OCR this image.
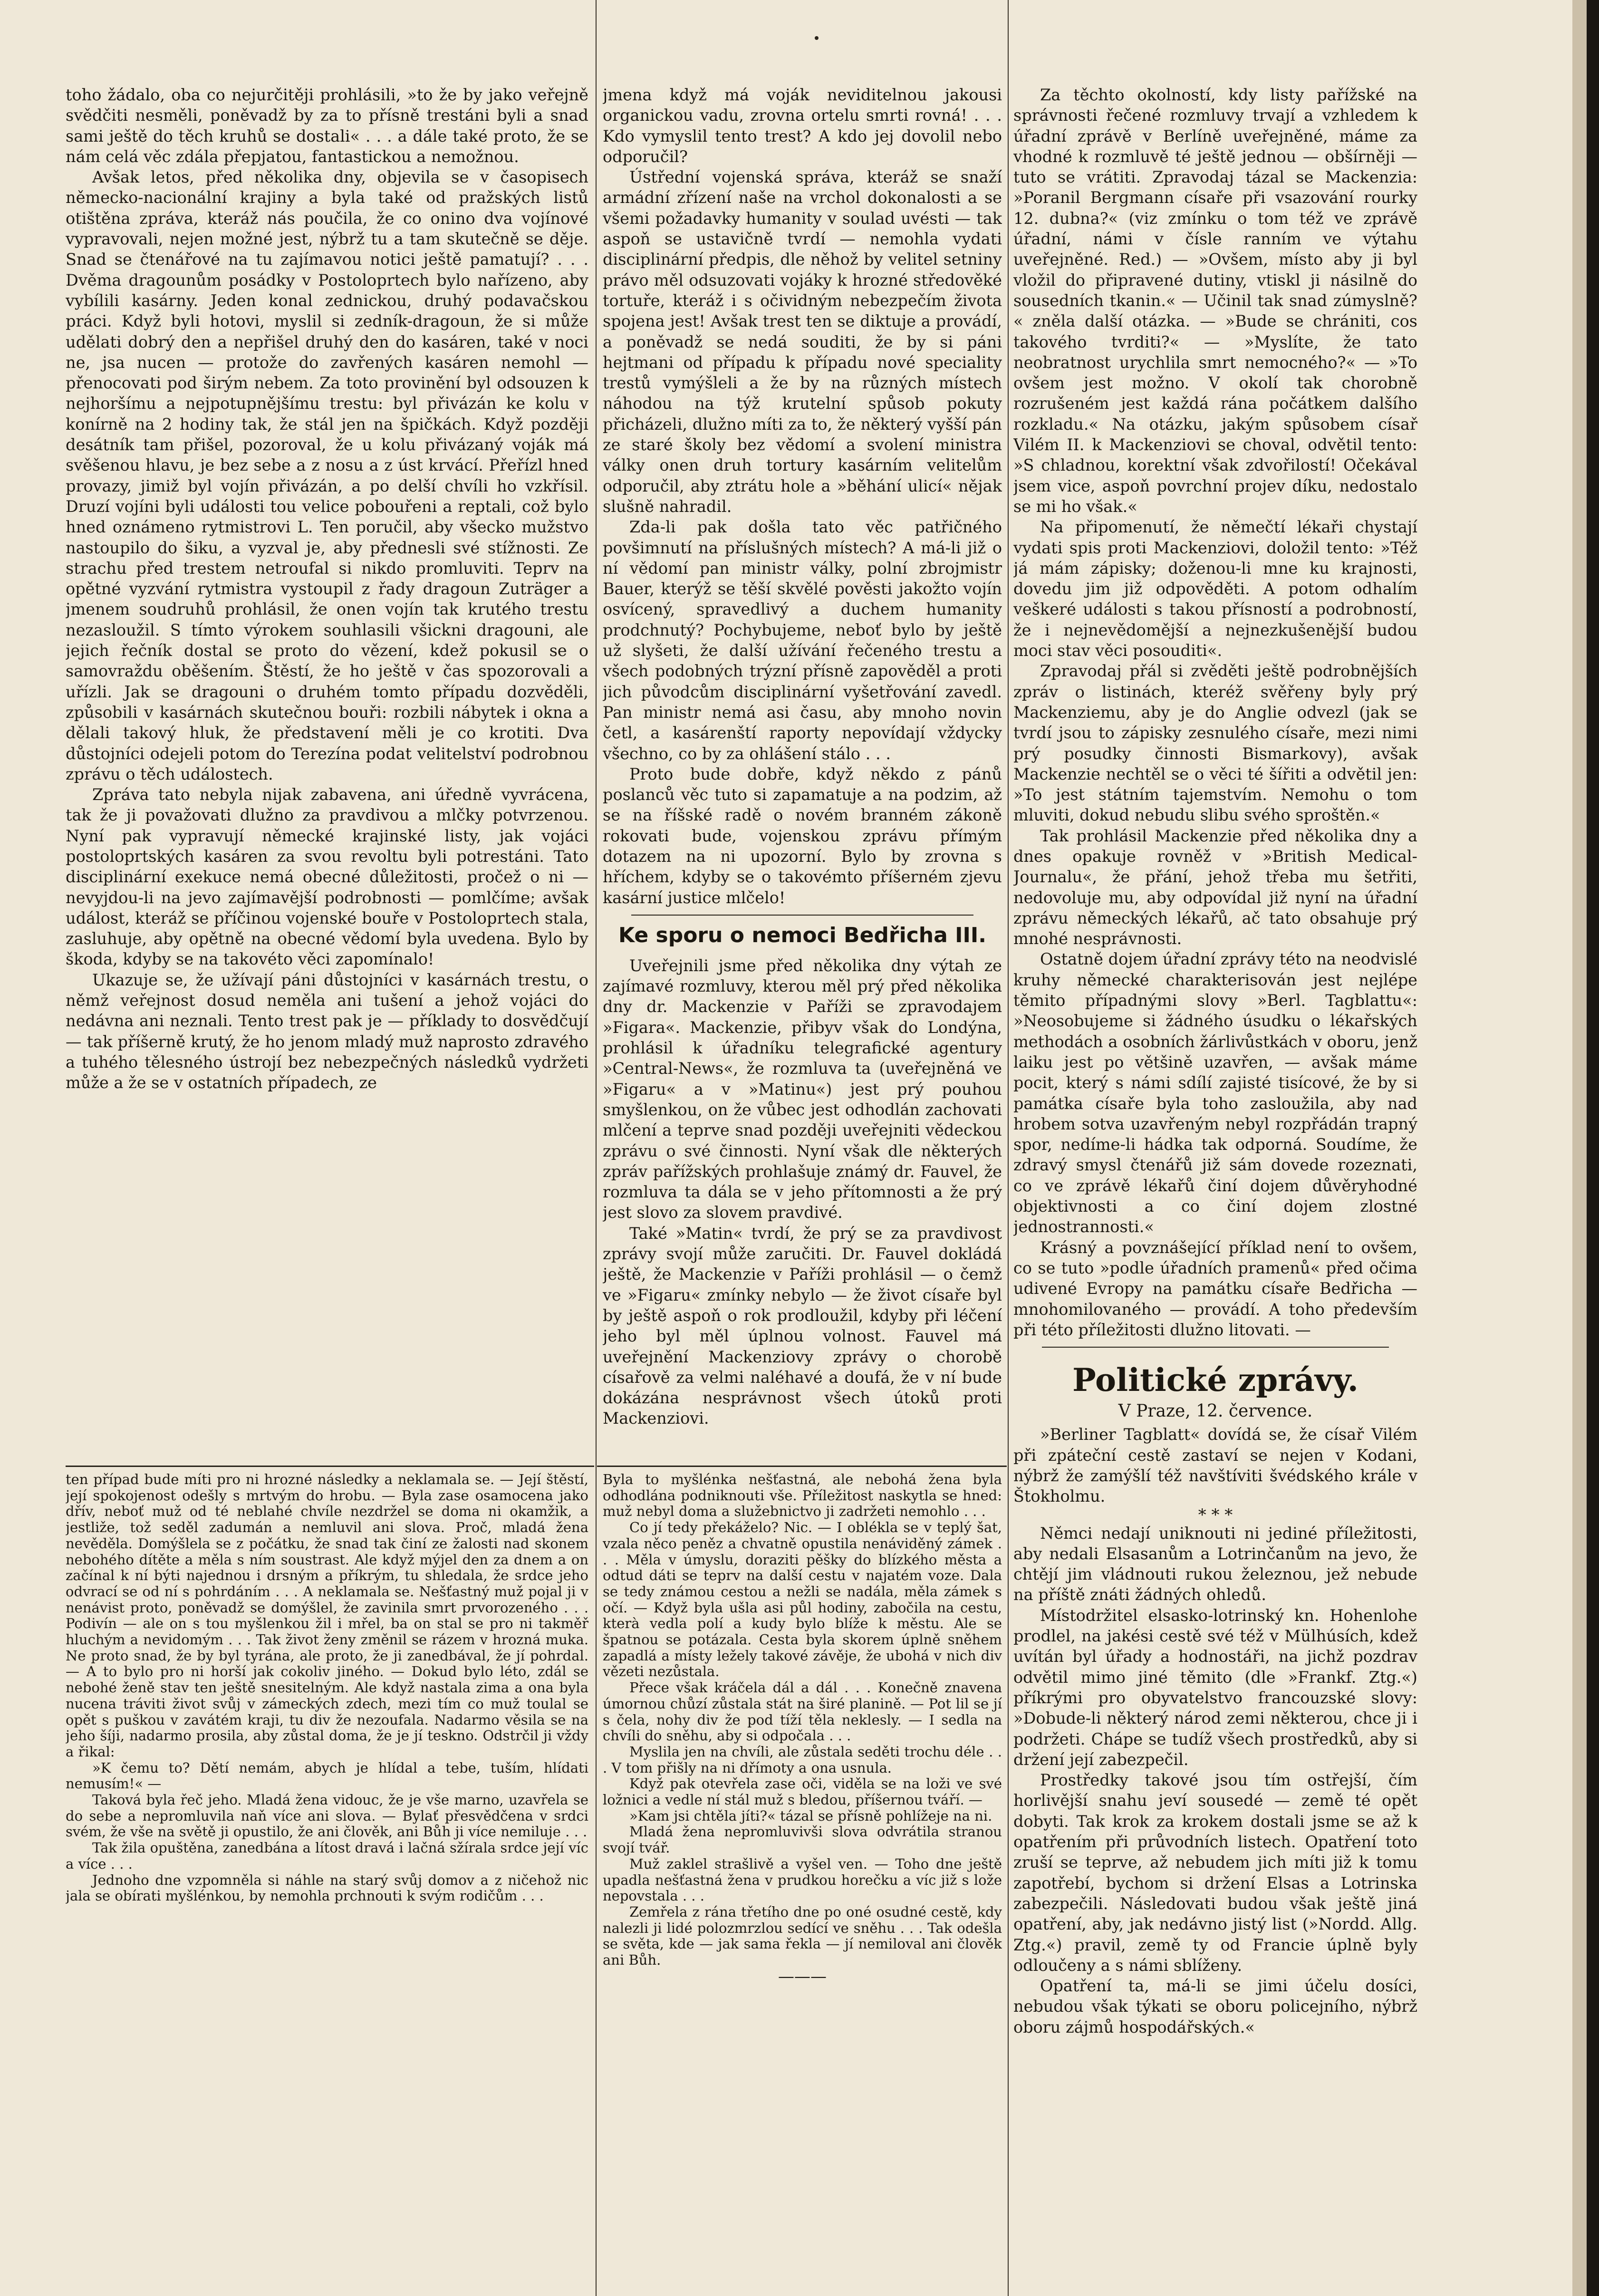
toho žádalo, oba co nejurčitěji prohlásili, »to že by jako veřejně svědčiti nesměli, poněvadž by za to přísně trestáni byli a snad sami ještě do těch kruhů se dostali« . . . a dále také proto, že se nám celá věc zdála přepjatou, fantastickou a nemožnou.

Avšak letos, před několika dny, objevila se v časopisech německo-nacionální krajiny a byla také od pražských listů otištěna zpráva, kteráž nás poučila, že co onino dva vojínové vypravovali, nejen možné jest, nýbrž tu a tam skutečně se děje. Snad se čtenářové na tu zajímavou notici ještě pamatují? . . . Dvěma dragounům posádky v Postoloprtech bylo nařízeno, aby vybílili kasárny. Jeden konal zednickou, druhý podavačskou práci. Když byli hotovi, myslil si zedník-dragoun, že si může udělati dobrý den a nepřišel druhý den do kasáren, také v noci ne, jsa nucen — protože do zavřených kasáren nemohl — přenocovati pod širým nebem. Za toto provinění byl odsouzen k nejhoršímu a nejpotupnějšímu trestu: byl přivázán ke kolu v konírně na 2 hodiny tak, že stál jen na špičkách. Když později desátník tam přišel, pozoroval, že u kolu přivázaný voják má svěšenou hlavu, je bez sebe a z nosu a z úst krvácí. Přeřízl hned provazy, jimiž byl vojín přivázán, a po delší chvíli ho vzkřísil. Druzí vojíni byli události tou velice pobouřeni a reptali, což bylo hned oznámeno rytmistrovi L. Ten poručil, aby všecko mužstvo nastoupilo do šiku, a vyzval je, aby přednesli své stížnosti. Ze strachu před trestem netroufal si nikdo promluviti. Teprv na opětné vyzvání rytmistra vystoupil z řady dragoun Zuträger a jmenem soudruhů prohlásil, že onen vojín tak krutého trestu nezasloužil. S tímto výrokem souhlasili všickni dragouni, ale jejich řečník dostal se proto do vězení, kdež pokusil se o samovraždu oběšením. Štěstí, že ho ještě v čas spozorovali a uřízli. Jak se dragouni o druhém tomto případu dozvěděli, způsobili v kasárnách skutečnou bouři: rozbili nábytek i okna a dělali takový hluk, že představení měli je co krotiti. Dva důstojníci odejeli potom do Terezína podat velitelství podrobnou zprávu o těch událostech.

Zpráva tato nebyla nijak zabavena, ani úředně vyvrácena, tak že ji považovati dlužno za pravdivou a mlčky potvrzenou. Nyní pak vypravují německé krajinské listy, jak vojáci postoloprtských kasáren za svou revoltu byli potrestáni. Tato disciplinární exekuce nemá obecné důležitosti, pročež o ni — nevyjdou-li na jevo zajímavější podrobnosti — pomlčíme; avšak událost, kteráž se příčinou vojenské bouře v Postoloprtech stala, zasluhuje, aby opětně na obecné vědomí byla uvedena. Bylo by škoda, kdyby se na takovéto věci zapomínalo!

Ukazuje se, že užívají páni důstojníci v kasárnách trestu, o němž veřejnost dosud neměla ani tušení a jehož vojáci do nedávna ani neznali. Tento trest pak je — příklady to dosvědčují — tak příšerně krutý, že ho jenom mladý muž naprosto zdravého a tuhého tělesného ústrojí bez nebezpečných následků vydržeti může a že se v ostatních případech, ze

ten případ bude míti pro ni hrozné následky a neklamala se. — Její štěstí, její spokojenost odešly s mrtvým do hrobu. — Byla zase osamocena jako dřív, neboť muž od té neblahé chvíle nezdržel se doma ni okamžik, a jestliže, tož seděl zadumán a nemluvil ani slova. Proč, mladá žena nevěděla. Domýšlela se z počátku, že snad tak činí ze žalosti nad skonem nebohého dítěte a měla s ním soustrast. Ale když mýjel den za dnem a on začínal k ní býti najednou i drsným a příkrým, tu shledala, že srdce jeho odvrací se od ní s pohrdáním . . . A neklamala se. Nešťastný muž pojal ji v nenávist proto, poněvadž se domýšlel, že zavinila smrt prvorozeného . . . Podivín — ale on s tou myšlenkou žil i mřel, ba on stal se pro ni takměř hluchým a nevidomým . . . Tak život ženy změnil se rázem v hrozná muka. Ne proto snad, že by byl tyrána, ale proto, že ji zanedbával, že jí pohrdal. — A to bylo pro ni horší jak cokoliv jiného. — Dokud bylo léto, zdál se nebohé ženě stav ten ještě snesitelným. Ale když nastala zima a ona byla nucena tráviti život svůj v zámeckých zdech, mezi tím co muž toulal se opět s puškou v zavátém kraji, tu div že nezoufala. Nadarmo věsila se na jeho šíji, nadarmo prosila, aby zůstal doma, že je jí teskno. Odstrčil ji vždy a řikal:

»K čemu to? Dětí nemám, abych je hlídal a tebe, tuším, hlídati nemusím!« —

Taková byla řeč jeho. Mladá žena vidouc, že je vše marno, uzavřela se do sebe a nepromluvila naň více ani slova. — Bylať přesvědčena v srdci svém, že vše na světě ji opustilo, že ani člověk, ani Bůh ji více nemiluje . . .

Tak žila opuštěna, zanedbána a lítost dravá i lačná sžírala srdce její víc a více . . .

Jednoho dne vzpomněla si náhle na starý svůj domov a z ničehož nic jala se obírati myšlénkou, by nemohla prchnouti k svým rodičům . . .

jmena když má voják neviditelnou jakousi organickou vadu, zrovna ortelu smrti rovná! . . . Kdo vymyslil tento trest? A kdo jej dovolil nebo odporučil?

Ústřední vojenská správa, kteráž se snaží armádní zřízení naše na vrchol dokonalosti a se všemi požadavky humanity v soulad uvésti — tak aspoň se ustavičně tvrdí — nemohla vydati disciplinární předpis, dle něhož by velitel setniny právo měl odsuzovati vojáky k hrozné středověké tortuře, kteráž i s očividným nebezpečím života spojena jest! Avšak trest ten se diktuje a provádí, a poněvadž se nedá souditi, že by si páni hejtmani od případu k případu nové speciality trestů vymýšleli a že by na různých místech náhodou na týž krutelní spůsob pokuty přicházeli, dlužno míti za to, že některý vyšší pán ze staré školy bez vědomí a svolení ministra války onen druh tortury kasárním velitelům odporučil, aby ztrátu hole a »běhání ulicí« nějak slušně nahradil.

Zda-li pak došla tato věc patřičného povšimnutí na příslušných místech? A má-li již o ní vědomí pan ministr války, polní zbrojmistr Bauer, kterýž se těší skvělé pověsti jakožto vojín osvícený, spravedlivý a duchem humanity prodchnutý? Pochybujeme, neboť bylo by ještě už slyšeti, že další užívání řečeného trestu a všech podobných trýzní přísně zapověděl a proti jich původcům disciplinární vyšetřování zavedl. Pan ministr nemá asi času, aby mnoho novin četl, a kasárenští raporty nepovídají vždycky všechno, co by za ohlášení stálo . . .

Proto bude dobře, když někdo z pánů poslanců věc tuto si zapamatuje a na podzim, až se na říšské radě o novém branném zákoně rokovati bude, vojenskou zprávu přímým dotazem na ni upozorní. Bylo by zrovna s hříchem, kdyby se o takovémto příšerném zjevu kasární justice mlčelo!

Ke sporu o nemoci Bedřicha III.

Uveřejnili jsme před několika dny výtah ze zajímavé rozmluvy, kterou měl prý před několika dny dr. Mackenzie v Paříži se zpravodajem »Figara«. Mackenzie, přibyv však do Londýna, prohlásil k úřadníku telegrafické agentury »Central-News«, že rozmluva ta (uveřejněná ve »Figaru« a v »Matinu«) jest prý pouhou smyšlenkou, on že vůbec jest odhodlán zachovati mlčení a teprve snad později uveřejniti vědeckou zprávu o své činnosti. Nyní však dle některých zpráv pařížských prohlašuje známý dr. Fauvel, že rozmluva ta dála se v jeho přítomnosti a že prý jest slovo za slovem pravdivé.

Také »Matin« tvrdí, že prý se za pravdivost zprávy svojí může zaručiti. Dr. Fauvel dokládá ještě, že Mackenzie v Paříži prohlásil — o čemž ve »Figaru« zmínky nebylo — že život císaře byl by ještě aspoň o rok prodloužil, kdyby při léčení jeho byl měl úplnou volnost. Fauvel má uveřejnění Mackenziovy zprávy o chorobě císařově za velmi naléhavé a doufá, že v ní bude dokázána nesprávnost všech útoků proti Mackenziovi.

Byla to myšlénka nešťastná, ale nebohá žena byla odhodlána podniknouti vše. Příležitost naskytla se hned: muž nebyl doma a služebnictvo ji zadržeti nemohlo . . .

Co jí tedy překáželo? Nic. — I oblékla se v teplý šat, vzala něco peněz a chvatně opustila nenáviděný zámek . . . Měla v úmyslu, doraziti pěšky do blízkého města a odtud dáti se teprv na další cestu v najatém voze. Dala se tedy známou cestou a nežli se nadála, měla zámek s očí. — Když byla ušla asi půl hodiny, zabočila na cestu, kterà vedla polí a kudy bylo blíže k městu. Ale se špatnou se potázala. Cesta byla skorem úplně sněhem zapadlá a místy ležely takové závěje, že ubohá v nich div vězeti nezůstala.

Přece však kráčela dál a dál . . . Konečně znavena úmornou chůzí zůstala stát na širé planině. — Pot lil se jí s čela, nohy div že pod tíží těla neklesly. — I sedla na chvíli do sněhu, aby si odpočala . . .

Myslila jen na chvíli, ale zůstala seděti trochu déle . . . V tom přišly na ni dřímoty a ona usnula.

Když pak otevřela zase oči, viděla se na loži ve své ložnici a vedle ní stál muž s bledou, příšernou tváří. —

»Kam jsi chtěla jíti?« tázal se přísně pohlížeje na ni.

Mladá žena nepromluvivši slova odvrátila stranou svojí tvář.

Muž zaklel strašlivě a vyšel ven. — Toho dne ještě upadla nešťastná žena v prudkou horečku a víc již s lože nepovstala . . .

Zemřela z rána třetího dne po oné osudné cestě, kdy nalezli ji lidé polozmrzlou sedící ve sněhu . . . Tak odešla se světa, kde — jak sama řekla — jí nemiloval ani člověk ani Bůh.

———

Za těchto okolností, kdy listy pařížské na správnosti řečené rozmluvy trvají a vzhledem k úřadní zprávě v Berlíně uveřejněné, máme za vhodné k rozmluvě té ještě jednou — obšírněji — tuto se vrátiti. Zpravodaj tázal se Mackenzia: »Poranil Bergmann císaře při vsazování rourky 12. dubna?« (viz zmínku o tom též ve zprávě úřadní, námi v čísle ranním ve výtahu uveřejněné. Red.) — »Ovšem, místo aby ji byl vložil do připravené dutiny, vtiskl ji násilně do sousedních tkanin.« — Učinil tak snad zúmyslně? « zněla další otázka. — »Bude se chrániti, cos takového tvrditi?« — »Myslíte, že tato neobratnost urychlila smrt nemocného?« — »To ovšem jest možno. V okolí tak chorobně rozrušeném jest každá rána počátkem dalšího rozkladu.« Na otázku, jakým spůsobem císař Vilém II. k Mackenziovi se choval, odvětil tento: »S chladnou, korektní však zdvořilostí! Očekával jsem vice, aspoň povrchní projev díku, nedostalo se mi ho však.«

Na připomenutí, že němečtí lékaři chystají vydati spis proti Mackenziovi, doložil tento: »Též já mám zápisky; doženou-li mne ku krajnosti, dovedu jim již odpověděti. A potom odhalím veškeré události s takou přísností a podrobností, že i nejnevědomější a nejnezkušenější budou moci stav věci posouditi«.

Zpravodaj přál si zvěděti ještě podrobnějších zpráv o listinách, kteréž svěřeny byly prý Mackenziemu, aby je do Anglie odvezl (jak se tvrdí jsou to zápisky zesnulého císaře, mezi nimi prý posudky činnosti Bismarkovy), avšak Mackenzie nechtěl se o věci té šířiti a odvětil jen: »To jest státním tajemstvím. Nemohu o tom mluviti, dokud nebudu slibu svého sproštěn.«

Tak prohlásil Mackenzie před několika dny a dnes opakuje rovněž v »British Medical-Journalu«, že přání, jehož třeba mu šetřiti, nedovoluje mu, aby odpovídal již nyní na úřadní zprávu německých lékařů, ač tato obsahuje prý mnohé nesprávnosti.

Ostatně dojem úřadní zprávy této na neodvislé kruhy německé charakterisován jest nejlépe těmito případnými slovy »Berl. Tagblattu«: »Neosobujeme si žádného úsudku o lékařských methodách a osobních žárlivůstkách v oboru, jenž laiku jest po většině uzavřen, — avšak máme pocit, který s námi sdílí zajisté tisícové, že by si památka císaře byla toho zasloužila, aby nad hrobem sotva uzavřeným nebyl rozpřádán trapný spor, nedíme-li hádka tak odporná. Soudíme, že zdravý smysl čtenářů již sám dovede rozeznati, co ve zprávě lékařů činí dojem důvěryhodné objektivnosti a co činí dojem zlostné jednostrannosti.«

Krásný a povznášející příklad není to ovšem, co se tuto »podle úřadních pramenů« před očima udivené Evropy na památku císaře Bedřicha — mnohomilovaného — provádí. A toho především při této příležitosti dlužno litovati. —

Politické zprávy.
V Praze, 12. července.

»Berliner Tagblatt« dovídá se, že císař Vilém při zpáteční cestě zastaví se nejen v Kodani, nýbrž že zamýšlí též navštíviti švédského krále v Štokholmu.

* * *

Němci nedají uniknouti ni jediné příležitosti, aby nedali Elsasanům a Lotrinčanům na jevo, že chtějí jim vládnouti rukou železnou, jež nebude na příště znáti žádných ohledů.

Místodržitel elsasko-lotrinský kn. Hohenlohe prodlel, na jakési cestě své též v Mülhúsích, kdež uvítán byl úřady a hodnostáři, na jichž pozdrav odvětil mimo jiné těmito (dle »Frankf. Ztg.«) příkrými pro obyvatelstvo francouzské slovy: »Dobude-li některý národ zemi některou, chce ji i podržeti. Chápe se tudíž všech prostředků, aby si držení její zabezpečil.

Prostředky takové jsou tím ostřejší, čím horlivější snahu jeví sousedé — země té opět dobyti. Tak krok za krokem dostali jsme se až k opatřením při průvodních listech. Opatření toto zruší se teprve, až nebudem jich míti již k tomu zapotřebí, bychom si držení Elsas a Lotrinska zabezpečili. Následovati budou však ještě jiná opatření, aby, jak nedávno jistý list (»Nordd. Allg. Ztg.«) pravil, země ty od Francie úplně byly odloučeny a s námi sblíženy.

Opatření ta, má-li se jimi účelu dosíci, nebudou však týkati se oboru policejního, nýbrž oboru zájmů hospodářských.«
